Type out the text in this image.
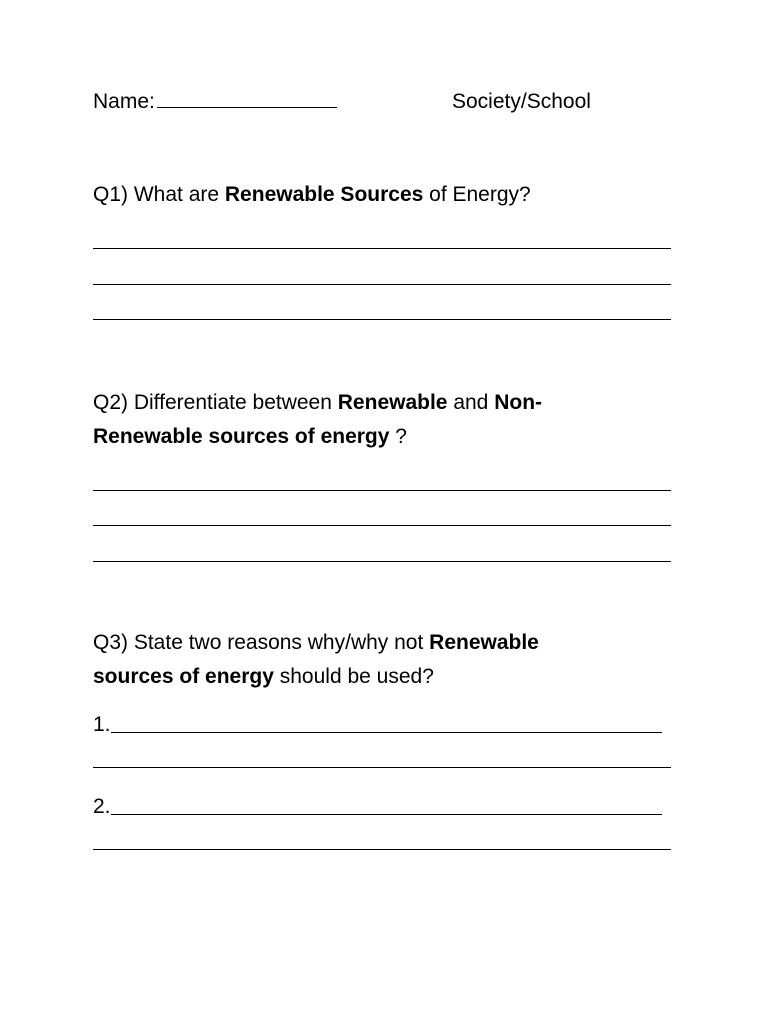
Name:	Society/School
Q1) What are Renewable Sources of Energy?
Q2) Differentiate between Renewable and Non-
Renewable sources of energy ?
Q3) State two reasons why/why not Renewable
sources of energy should be used?
1.
2.
